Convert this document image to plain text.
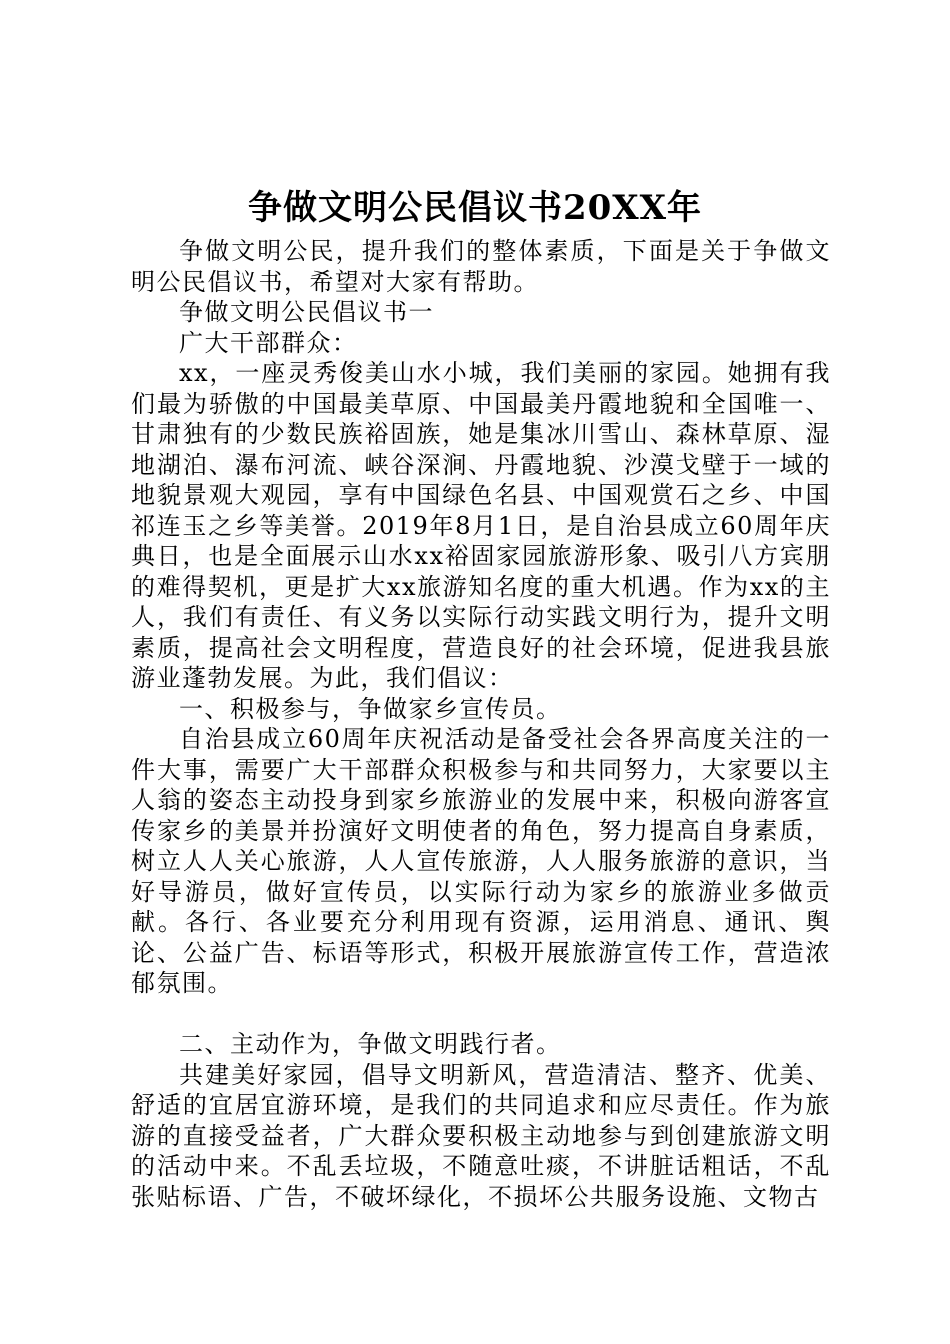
争做文明公民倡议书20XX年

争做文明公民，提升我们的整体素质，下面是关于争做文明公民倡议书，希望对大家有帮助。

争做文明公民倡议书一

广大干部群众：

xx，一座灵秀俊美山水小城，我们美丽的家园。她拥有我们最为骄傲的中国最美草原、中国最美丹霞地貌和全国唯一、甘肃独有的少数民族裕固族，她是集冰川雪山、森林草原、湿地湖泊、瀑布河流、峡谷深涧、丹霞地貌、沙漠戈壁于一域的地貌景观大观园，享有中国绿色名县、中国观赏石之乡、中国祁连玉之乡等美誉。2019年8月1日，是自治县成立60周年庆典日，也是全面展示山水xx裕固家园旅游形象、吸引八方宾朋的难得契机，更是扩大xx旅游知名度的重大机遇。作为xx的主人，我们有责任、有义务以实际行动实践文明行为，提升文明素质，提高社会文明程度，营造良好的社会环境，促进我县旅游业蓬勃发展。为此，我们倡议：

一、积极参与，争做家乡宣传员。

自治县成立60周年庆祝活动是备受社会各界高度关注的一件大事，需要广大干部群众积极参与和共同努力，大家要以主人翁的姿态主动投身到家乡旅游业的发展中来，积极向游客宣传家乡的美景并扮演好文明使者的角色，努力提高自身素质，树立人人关心旅游，人人宣传旅游，人人服务旅游的意识，当好导游员，做好宣传员，以实际行动为家乡的旅游业多做贡献。各行、各业要充分利用现有资源，运用消息、通讯、舆论、公益广告、标语等形式，积极开展旅游宣传工作，营造浓郁氛围。

二、主动作为，争做文明践行者。

共建美好家园，倡导文明新风，营造清洁、整齐、优美、舒适的宜居宜游环境，是我们的共同追求和应尽责任。作为旅游的直接受益者，广大群众要积极主动地参与到创建旅游文明的活动中来。不乱丢垃圾，不随意吐痰，不讲脏话粗话，不乱张贴标语、广告，不破坏绿化，不损坏公共服务设施、文物古
